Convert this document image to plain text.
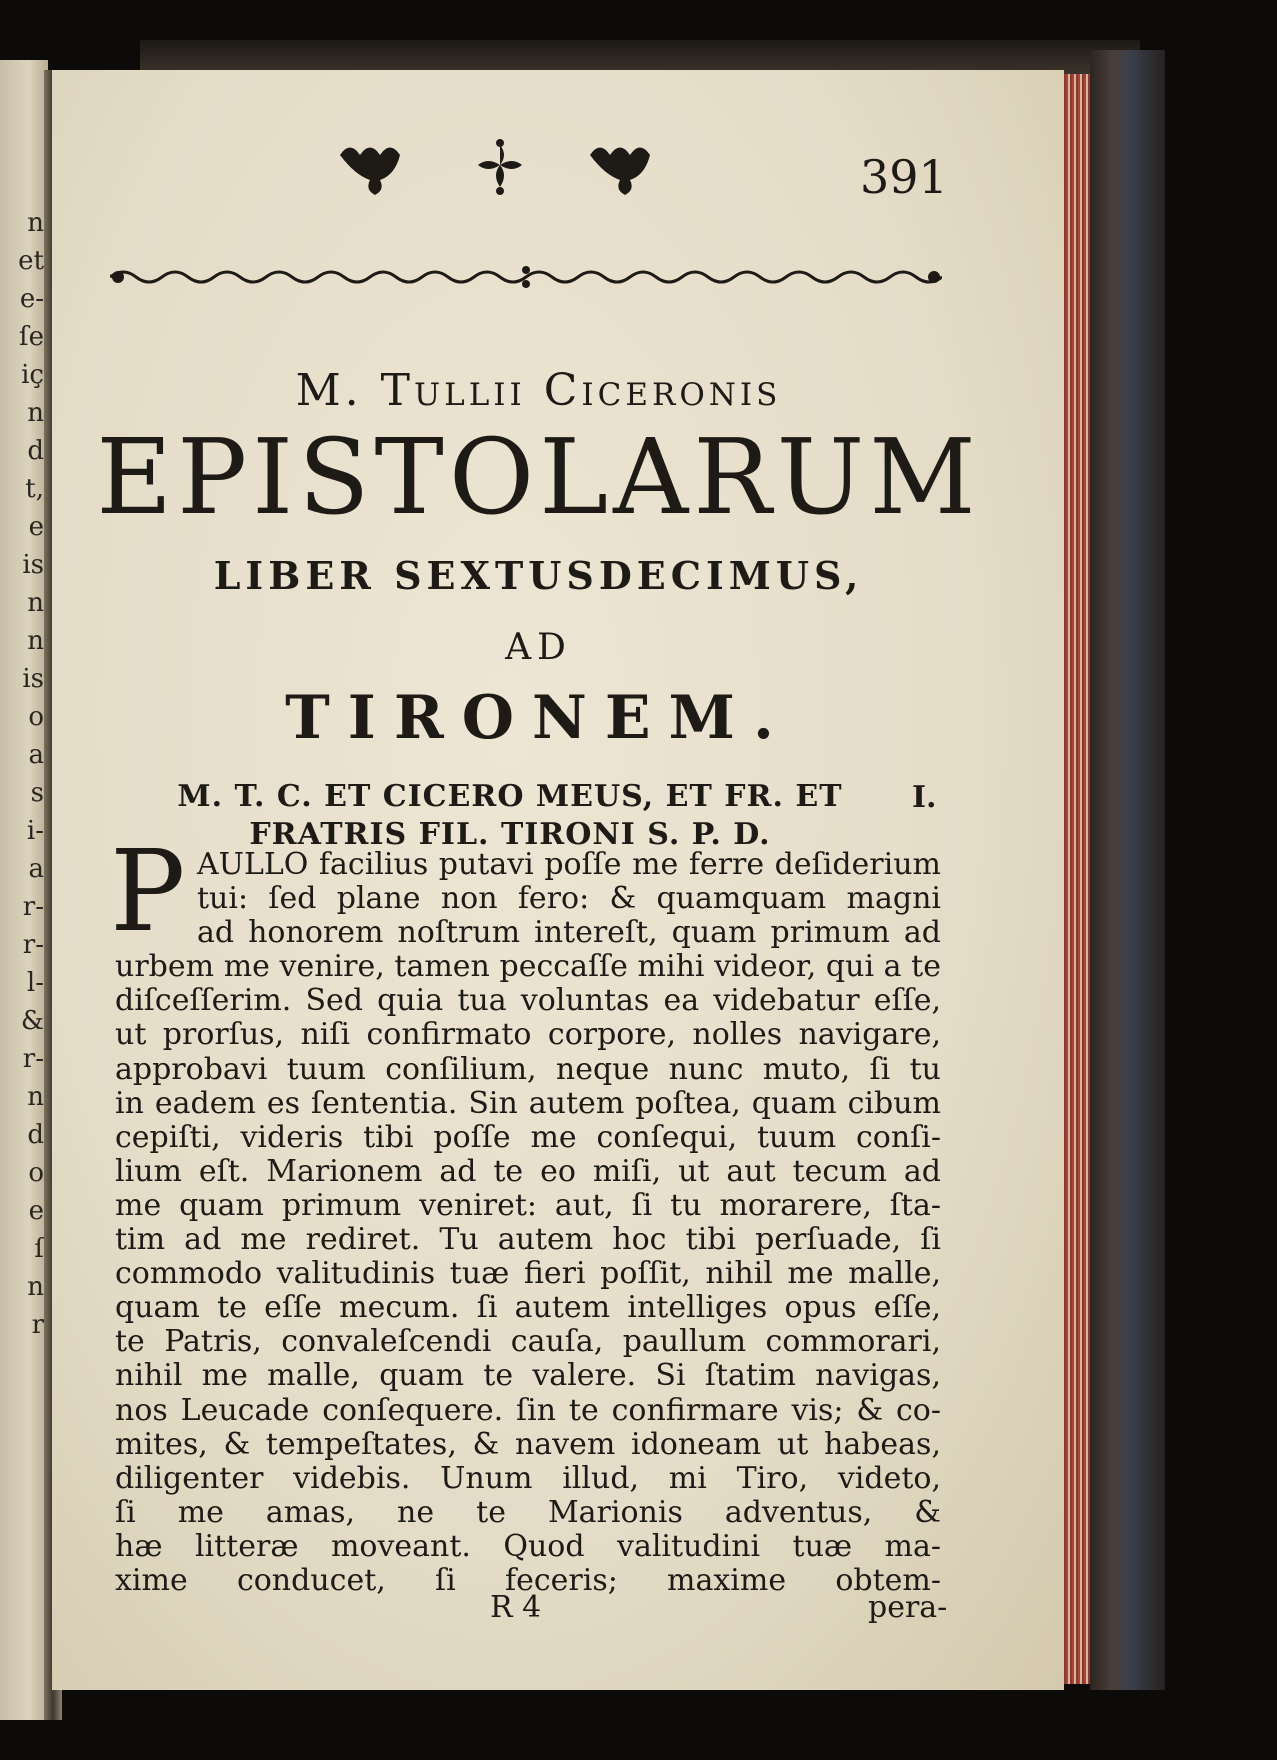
n
et
e-
ſe
iç
n
d
t,
e
is
n
n
is
o
a
s
i-
a
r-
r-
l-
&
r-
n
d
o
e
ſ
n
r
391
M. Tullii Ciceronis
EPISTOLARUM
LIBER SEXTUSDECIMUS,
AD
TIRONEM.
M. T. C. ET CICERO MEUS, ET FR. ET
FRATRIS FIL. TIRONI S. P. D.
I.
P AULLO facilius putavi poſſe me ferre deſiderium
tui: ſed plane non fero: & quamquam magni
ad honorem noſtrum intereſt, quam primum ad
urbem me venire, tamen peccaſſe mihi videor, qui a te
diſceſſerim. Sed quia tua voluntas ea videbatur eſſe,
ut prorſus, niſi confirmato corpore, nolles navigare,
approbavi tuum conſilium, neque nunc muto, ſi tu
in eadem es ſententia. Sin autem poſtea, quam cibum
cepiſti, videris tibi poſſe me conſequi, tuum conſi-
lium eſt. Marionem ad te eo miſi, ut aut tecum ad
me quam primum veniret: aut, ſi tu morarere, ſta-
tim ad me rediret. Tu autem hoc tibi perſuade, ſi
commodo valitudinis tuæ fieri poſſit, nihil me malle,
quam te eſſe mecum. ſi autem intelliges opus eſſe,
te Patris, convaleſcendi cauſa, paullum commorari,
nihil me malle, quam te valere. Si ſtatim navigas,
nos Leucade conſequere. ſin te confirmare vis; & co-
mites, & tempeſtates, & navem idoneam ut habeas,
diligenter videbis. Unum illud, mi Tiro, videto,
ſi me amas, ne te Marionis adventus, &
hæ litteræ moveant. Quod valitudini tuæ ma-
xime conducet, ſi feceris; maxime obtem-
R 4	pera-
